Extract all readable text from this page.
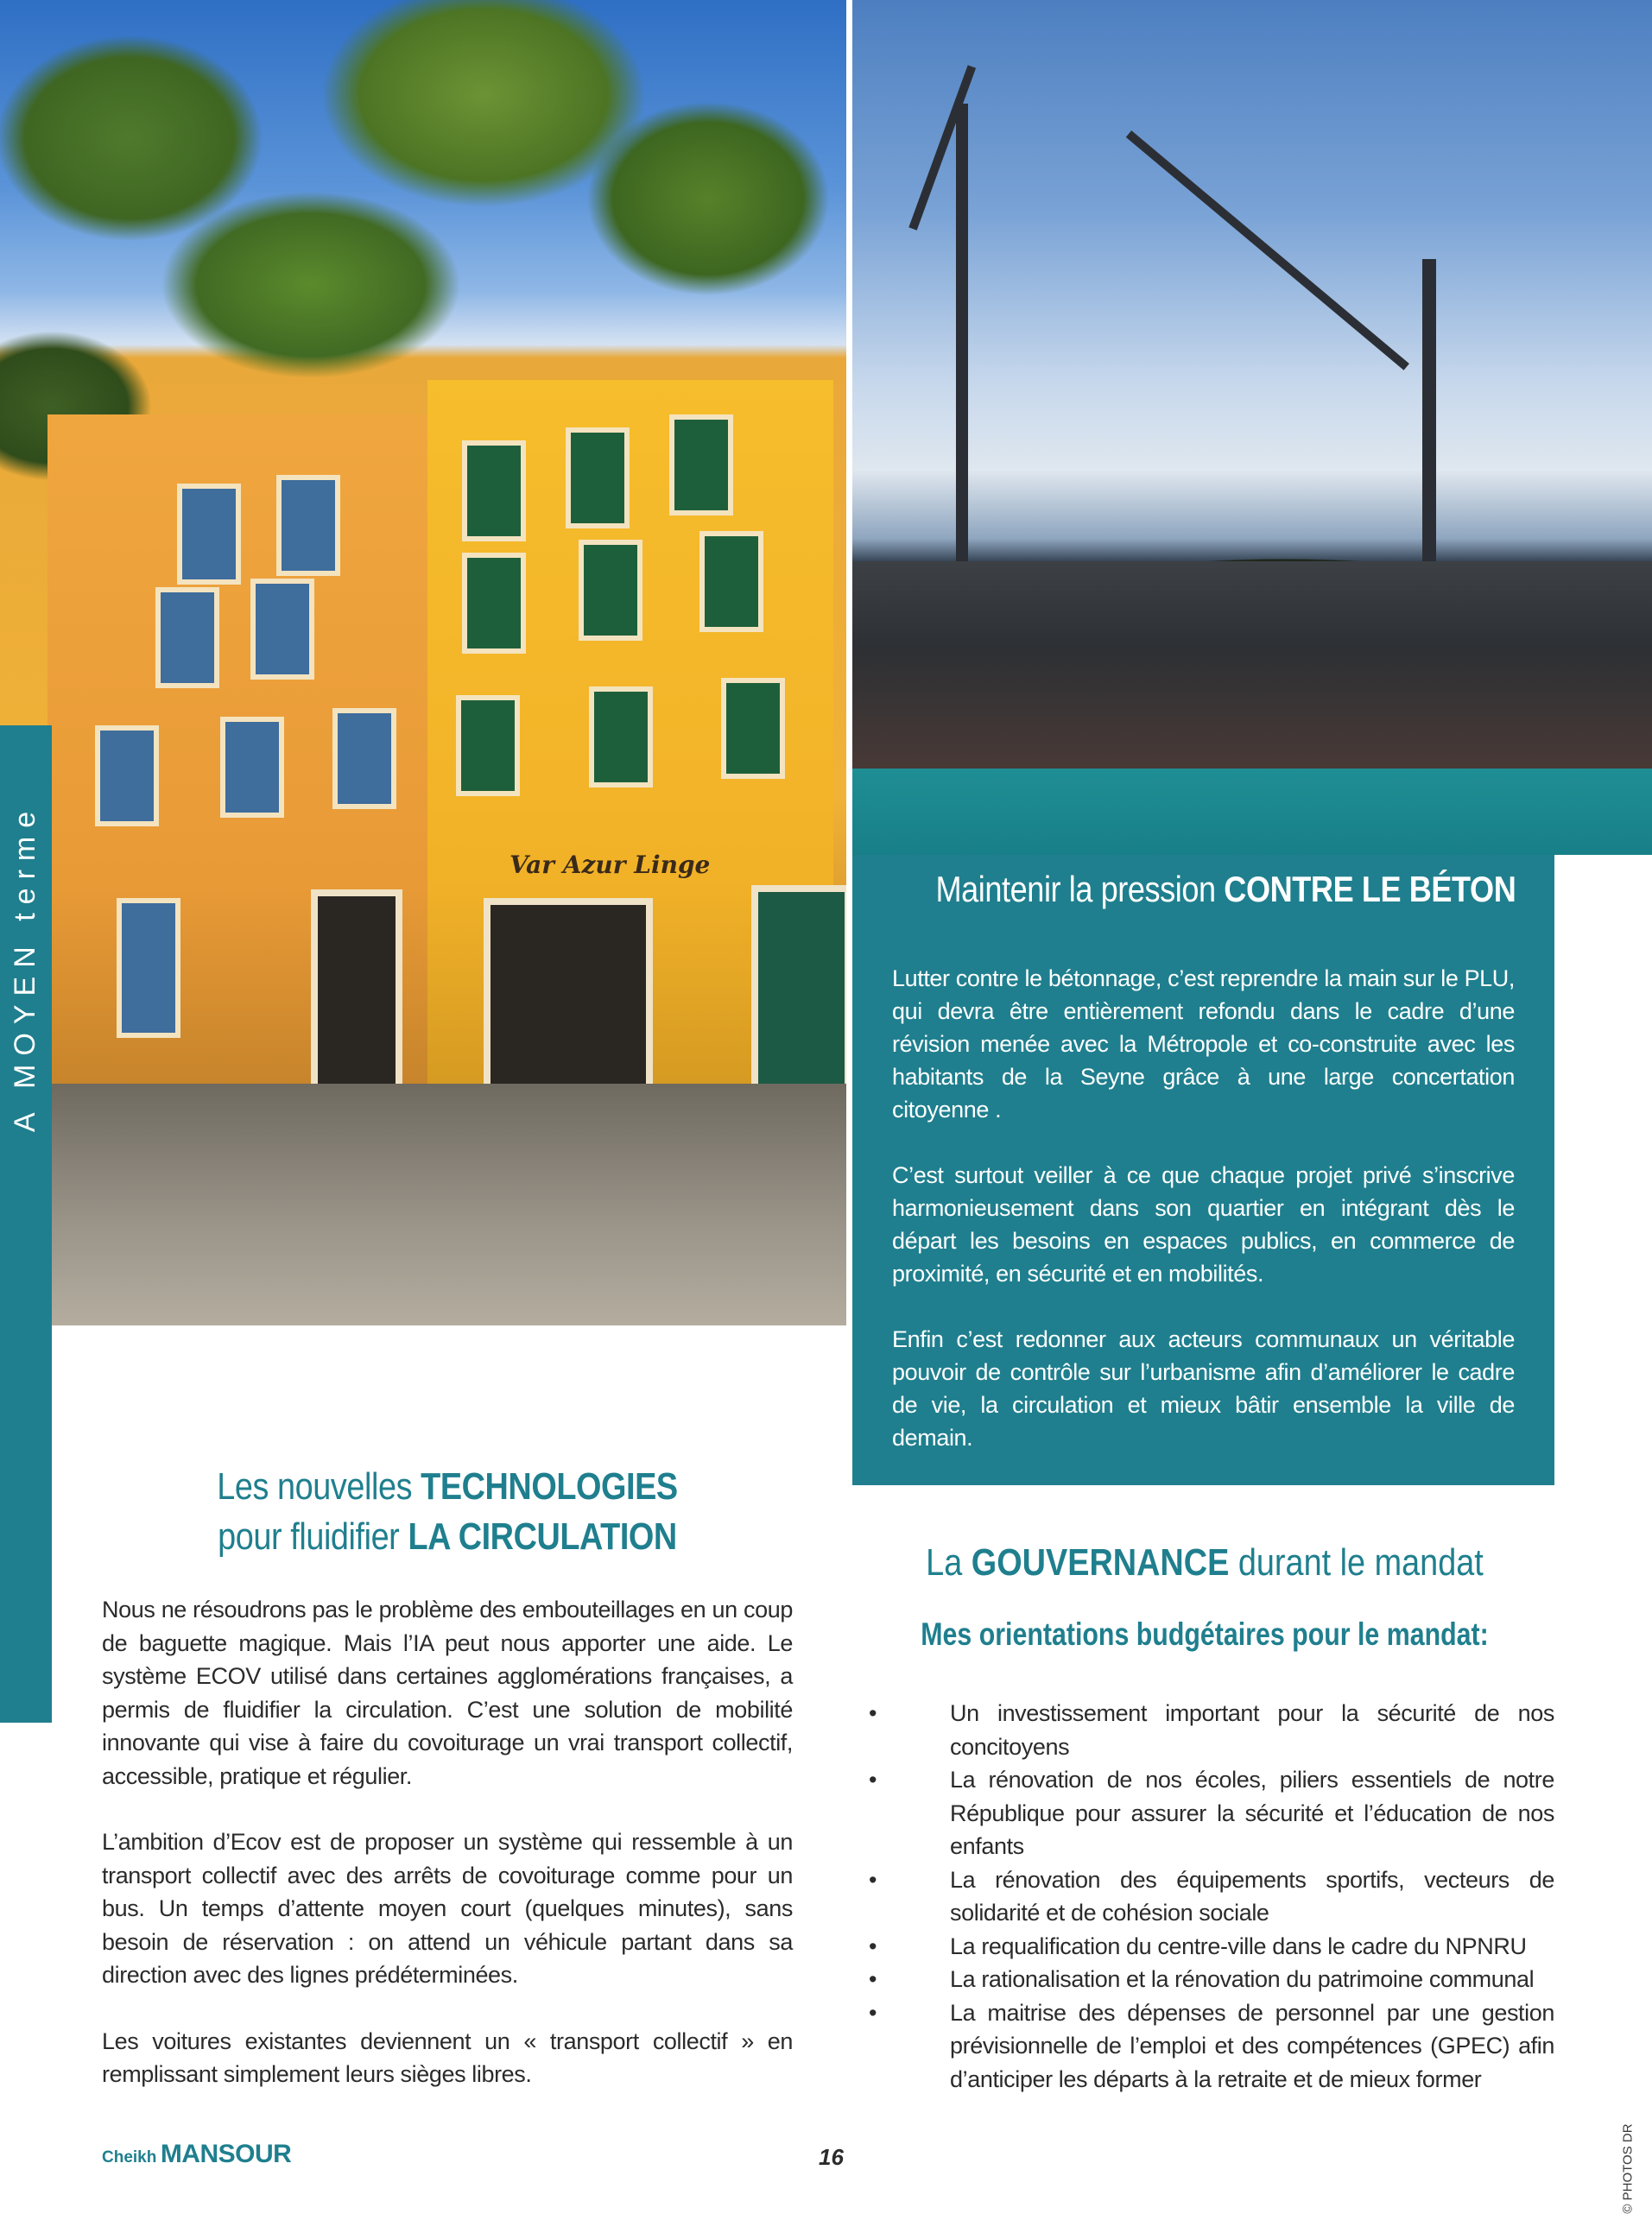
Var Azur Linge
A MOYEN terme	Maintenir la pression CONTRE LE BÉTON

Lutter contre le bétonnage, c’est reprendre la main sur le PLU, qui devra être entièrement refondu dans le cadre d’une révision menée avec la Métropole et co-construite avec les habitants de la Seyne grâce à une large concertation citoyenne .

C’est surtout veiller à ce que chaque projet privé s’inscrive harmonieusement dans son quartier en intégrant dès le départ les besoins en espaces publics, en commerce de proximité, en sécurité et en mobilités.

Enfin c’est redonner aux acteurs communaux un véritable pouvoir de contrôle sur l’urbanisme afin d’améliorer le cadre de vie, la circulation et mieux bâtir ensemble la ville de demain.

Les nouvelles TECHNOLOGIES
pour fluidifier LA CIRCULATION

Nous ne résoudrons pas le problème des embouteillages en un coup de baguette magique. Mais l’IA peut nous apporter une aide. Le système ECOV utilisé dans certaines agglomérations françaises, a permis de fluidifier la circulation. C’est une solution de mobilité innovante qui vise à faire du covoiturage un vrai transport collectif, accessible, pratique et régulier.

L’ambition d’Ecov est de proposer un système qui ressemble à un transport collectif avec des arrêts de covoiturage comme pour un bus. Un temps d’attente moyen court (quelques minutes), sans besoin de réservation : on attend un véhicule partant dans sa direction avec des lignes prédéterminées.

Les voitures existantes deviennent un « transport collectif » en remplissant simplement leurs sièges libres.

La GOUVERNANCE durant le mandat
Mes orientations budgétaires pour le mandat:
•	Un investissement important pour la sécurité de nos concitoyens
•	La rénovation de nos écoles, piliers essentiels de notre République pour assurer la sécurité et l’éducation de nos enfants
•	La rénovation des équipements sportifs, vecteurs de solidarité et de cohésion sociale
•	La requalification du centre-ville dans le cadre du NPNRU
•	La rationalisation et la rénovation du patrimoine communal
•	La maitrise des dépenses de personnel par une gestion prévisionnelle de l’emploi et des compétences (GPEC) afin d’anticiper les départs à la retraite et de mieux former
Cheikh MANSOUR	16	© PHOTOS DR
